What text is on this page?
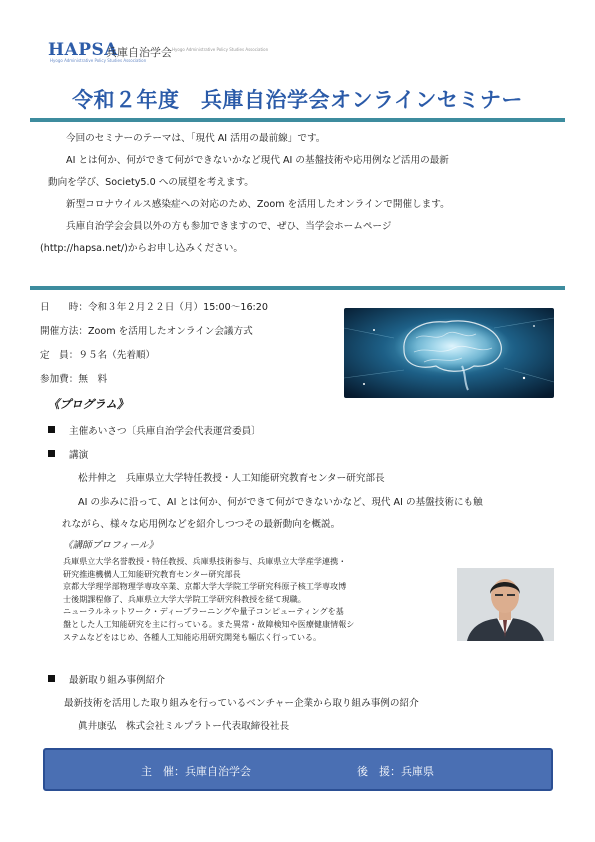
HAPSA
Hyogo Administrative Policy Studies Association
兵庫自治学会 Hyogo Administrative Policy Studies Association
令和２年度　兵庫自治学会オンラインセミナー

今回のセミナーのテーマは、「現代 AI 活用の最前線」です。

AI とは何か、何ができて何ができないかなど現代 AI の基盤技術や応用例など活用の最新

動向を学び、Society5.0 への展望を考えます。

新型コロナウイルス感染症への対応のため、Zoom を活用したオンラインで開催します。

兵庫自治学会会員以外の方も参加できますので、ぜひ、当学会ホームページ

(http://hapsa.net/)からお申し込みください。

日　　時：令和３年２月２２日（月）15:00～16:20
開催方法：Zoom を活用したオンライン会議方式
定　員：９５名（先着順）
参加費：無　料
《プログラム》
主催あいさつ〔兵庫自治学会代表運営委員〕
講演
松井伸之　兵庫県立大学特任教授・人工知能研究教育センター研究部長
AI の歩みに沿って、AI とは何か、何ができて何ができないかなど、現代 AI の基盤技術にも触
れながら、様々な応用例などを紹介しつつその最新動向を概説。
《講師プロフィール》
兵庫県立大学名誉教授・特任教授、兵庫県技術参与、兵庫県立大学産学連携・
研究推進機構人工知能研究教育センター研究部長
京都大学理学部物理学専攻卒業、京都大学大学院工学研究科原子核工学専攻博
士後期課程修了、兵庫県立大学大学院工学研究科教授を経て現職。
ニューラルネットワーク・ディープラーニングや量子コンピューティングを基
盤とした人工知能研究を主に行っている。また異常・故障検知や医療健康情報シ
ステムなどをはじめ、各種人工知能応用研究開発も幅広く行っている。
最新取り組み事例紹介
最新技術を活用した取り組みを行っているベンチャー企業から取り組み事例の紹介
眞井康弘　株式会社ミルプラトー代表取締役社長
主　催：兵庫自治学会	後　援：兵庫県
